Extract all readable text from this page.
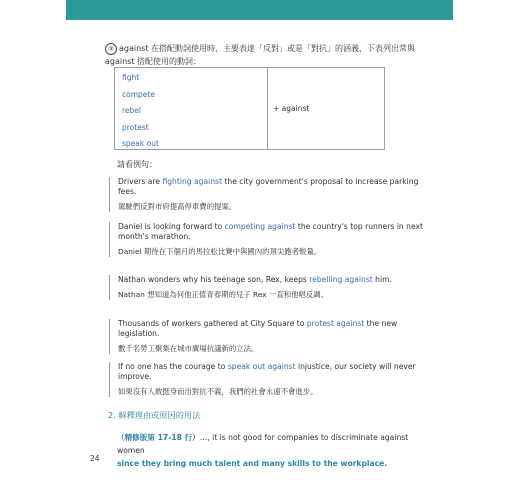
③ against 在搭配動詞使用時，主要表達「反對」或是「對抗」的涵義，下表列出常與
against 搭配使用的動詞：

fight
compete
rebel
protest
speak out
+ against
請看例句：

Drivers are fighting against the city government's proposal to increase parking fees.

駕駛們反對市府提高停車費的提案。

Daniel is looking forward to competing against the country's top runners in next month's marathon.

Daniel 期待在下個月的馬拉松比賽中與國內的頂尖跑者較量。

Nathan wonders why his teenage son, Rex, keeps rebelling against him.

Nathan 想知道為何他正值青春期的兒子 Rex 一直和他唱反調。

Thousands of workers gathered at City Square to protest against the new legislation.

數千名勞工聚集在城市廣場抗議新的立法。

If no one has the courage to speak out against injustice, our society will never improve.

如果沒有人敢挺身而出對抗不義，我們的社會永遠不會進步。

2. 解釋理由或原因的用法
（精修版第 17-18 行）…, it is not good for companies to discriminate against women
since they bring much talent and many skills to the workplace.
24
